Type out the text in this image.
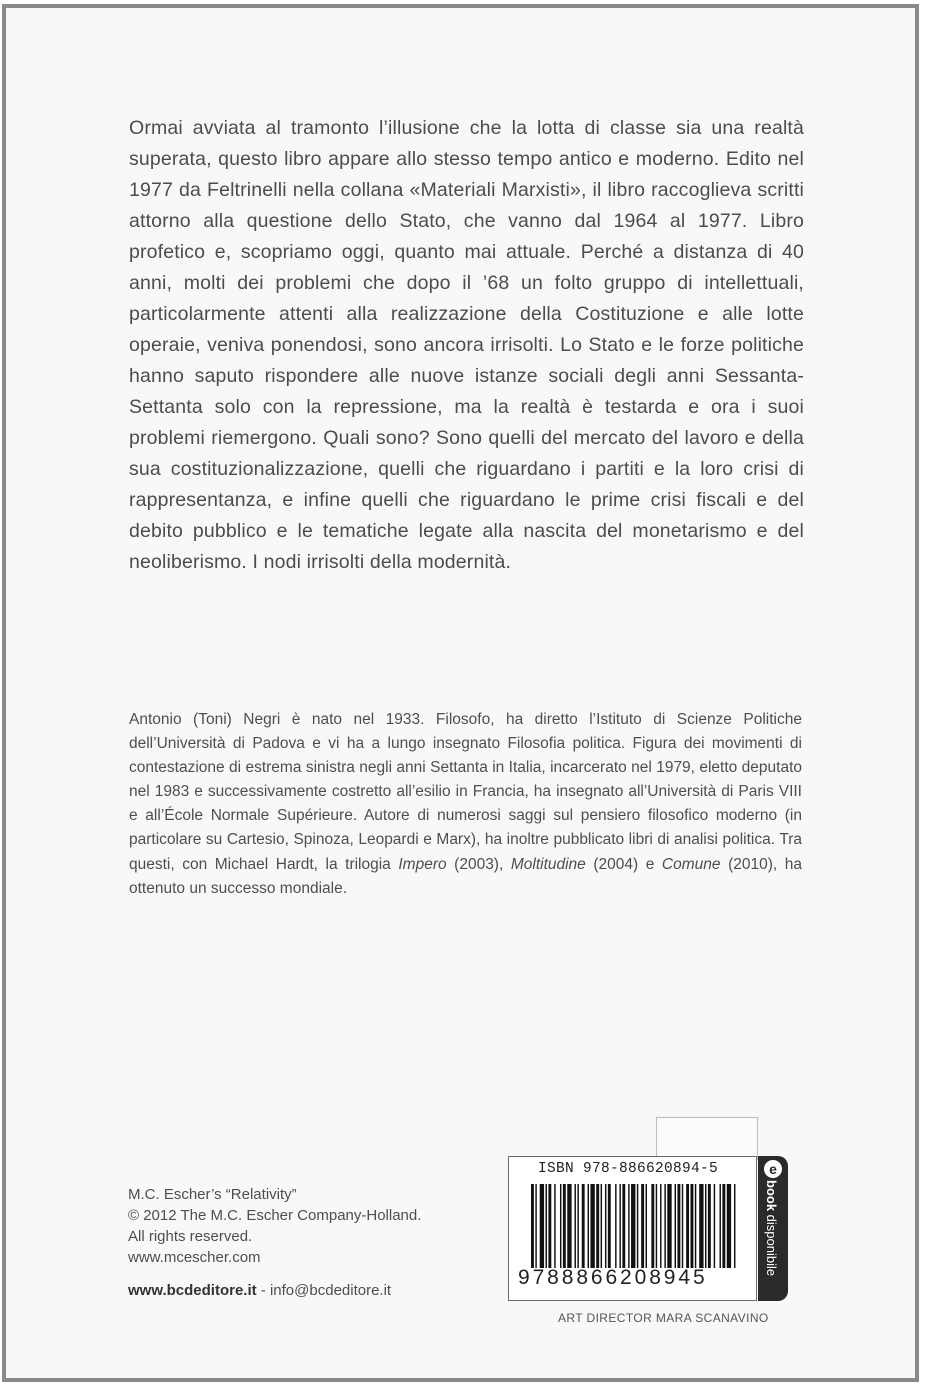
Ormai avviata al tramonto l’illusione che la lotta di classe sia una realtà superata, questo libro appare allo stesso tempo antico e moderno. Edito nel 1977 da Feltrinelli nella collana «Materiali Marxisti», il libro raccoglieva scritti attorno alla questione dello Stato, che vanno dal 1964 al 1977. Libro profetico e, scopriamo oggi, quanto mai attuale. Perché a distanza di 40 anni, molti dei problemi che dopo il ’68 un folto gruppo di intellettuali, particolarmente attenti alla realizzazione della Costituzione e alle lotte operaie, veniva ponendosi, sono ancora irrisolti. Lo Stato e le forze politiche hanno saputo rispondere alle nuove istanze sociali degli anni Sessanta-Settanta solo con la repressione, ma la realtà è testarda e ora i suoi problemi riemergono. Quali sono? Sono quelli del mercato del lavoro e della sua costituzionalizzazione, quelli che riguardano i partiti e la loro crisi di rappresentanza, e infine quelli che riguardano le prime crisi fiscali e del debito pubblico e le tematiche legate alla nascita del monetarismo e del neoliberismo. I nodi irrisolti della modernità.

Antonio (Toni) Negri è nato nel 1933. Filosofo, ha diretto l’Istituto di Scienze Politiche dell’Università di Padova e vi ha a lungo insegnato Filosofia politica. Figura dei movimenti di contestazione di estrema sinistra negli anni Settanta in Italia, incarcerato nel 1979, eletto deputato nel 1983 e successivamente costretto all’esilio in Francia, ha insegnato all’Università di Paris VIII e all’École Normale Supérieure. Autore di numerosi saggi sul pensiero filosofico moderno (in particolare su Cartesio, Spinoza, Leopardi e Marx), ha inoltre pubblicato libri di analisi politica. Tra questi, con Michael Hardt, la trilogia Impero (2003), Moltitudine (2004) e Comune (2010), ha ottenuto un successo mondiale.

M.C. Escher’s “Relativity”
© 2012 The M.C. Escher Company-Holland.
All rights reserved.
www.mcescher.com
www.bcdeditore.it - info@bcdeditore.it
ISBN 978-886620894-5
9788866208945
e
book disponibile
ART DIRECTOR MARA SCANAVINO
